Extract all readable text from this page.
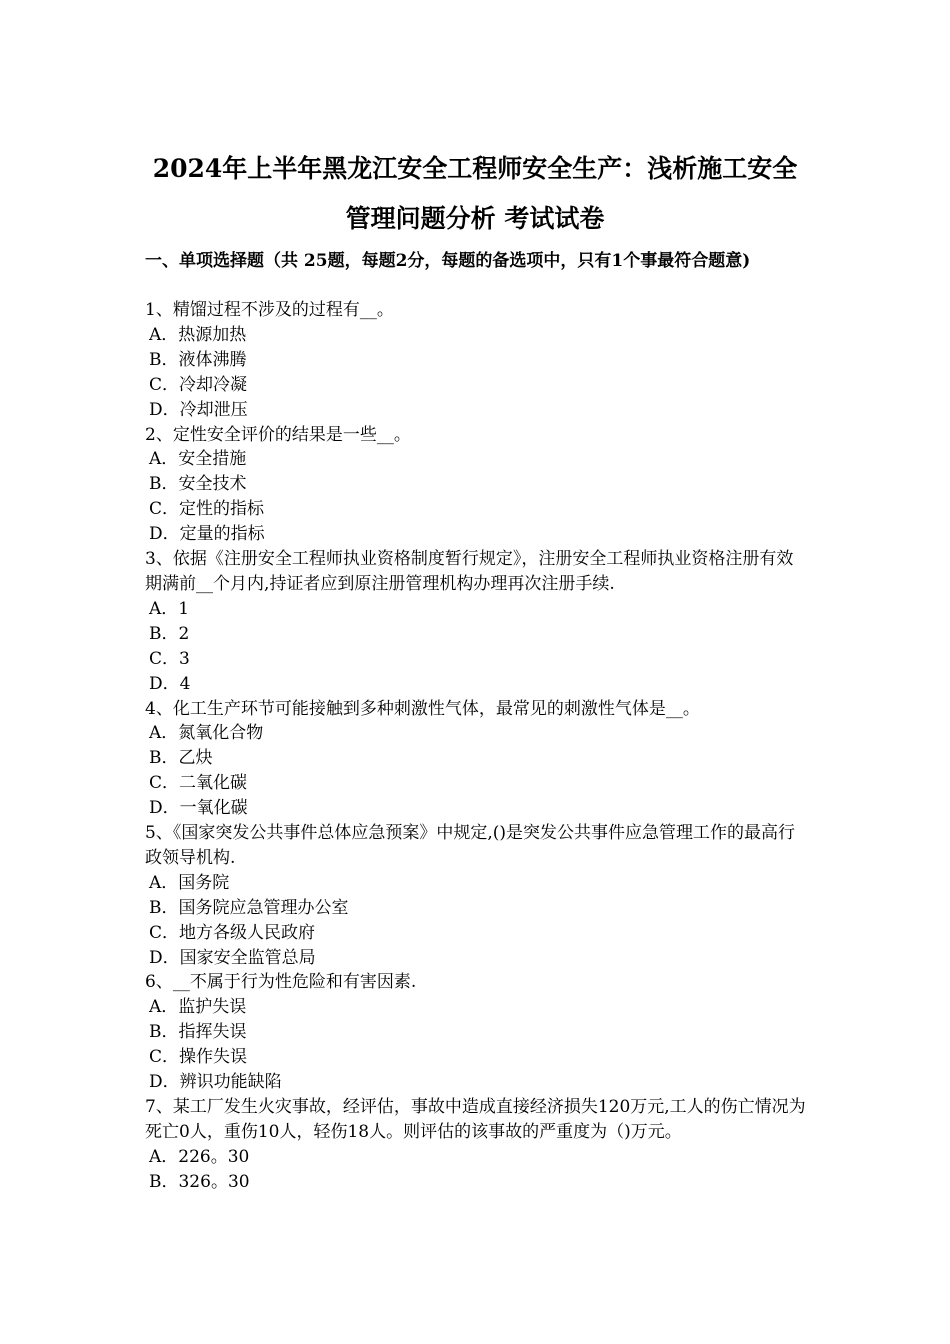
2024年上半年黑龙江安全工程师安全生产：浅析施工安全
管理问题分析 考试试卷
一、单项选择题（共 25题，每题2分，每题的备选项中，只有1个事最符合题意)

1、精馏过程不涉及的过程有__。

A．热源加热

B．液体沸腾

C．冷却冷凝

D．冷却泄压

2、定性安全评价的结果是一些__。

A．安全措施

B．安全技术

C．定性的指标

D．定量的指标

3、依据《注册安全工程师执业资格制度暂行规定》，注册安全工程师执业资格注册有效期满前__个月内,持证者应到原注册管理机构办理再次注册手续.

A．1

B．2

C．3

D．4

4、化工生产环节可能接触到多种刺激性气体，最常见的刺激性气体是__。

A．氮氧化合物

B．乙炔

C．二氧化碳

D．一氧化碳

5、《国家突发公共事件总体应急预案》中规定,()是突发公共事件应急管理工作的最高行政领导机构.

A．国务院

B．国务院应急管理办公室

C．地方各级人民政府

D．国家安全监管总局

6、__不属于行为性危险和有害因素.

A．监护失误

B．指挥失误

C．操作失误

D．辨识功能缺陷

7、某工厂发生火灾事故，经评估，事故中造成直接经济损失120万元,工人的伤亡情况为死亡0人，重伤10人，轻伤18人。则评估的该事故的严重度为（)万元。

A．226。30

B．326。30
